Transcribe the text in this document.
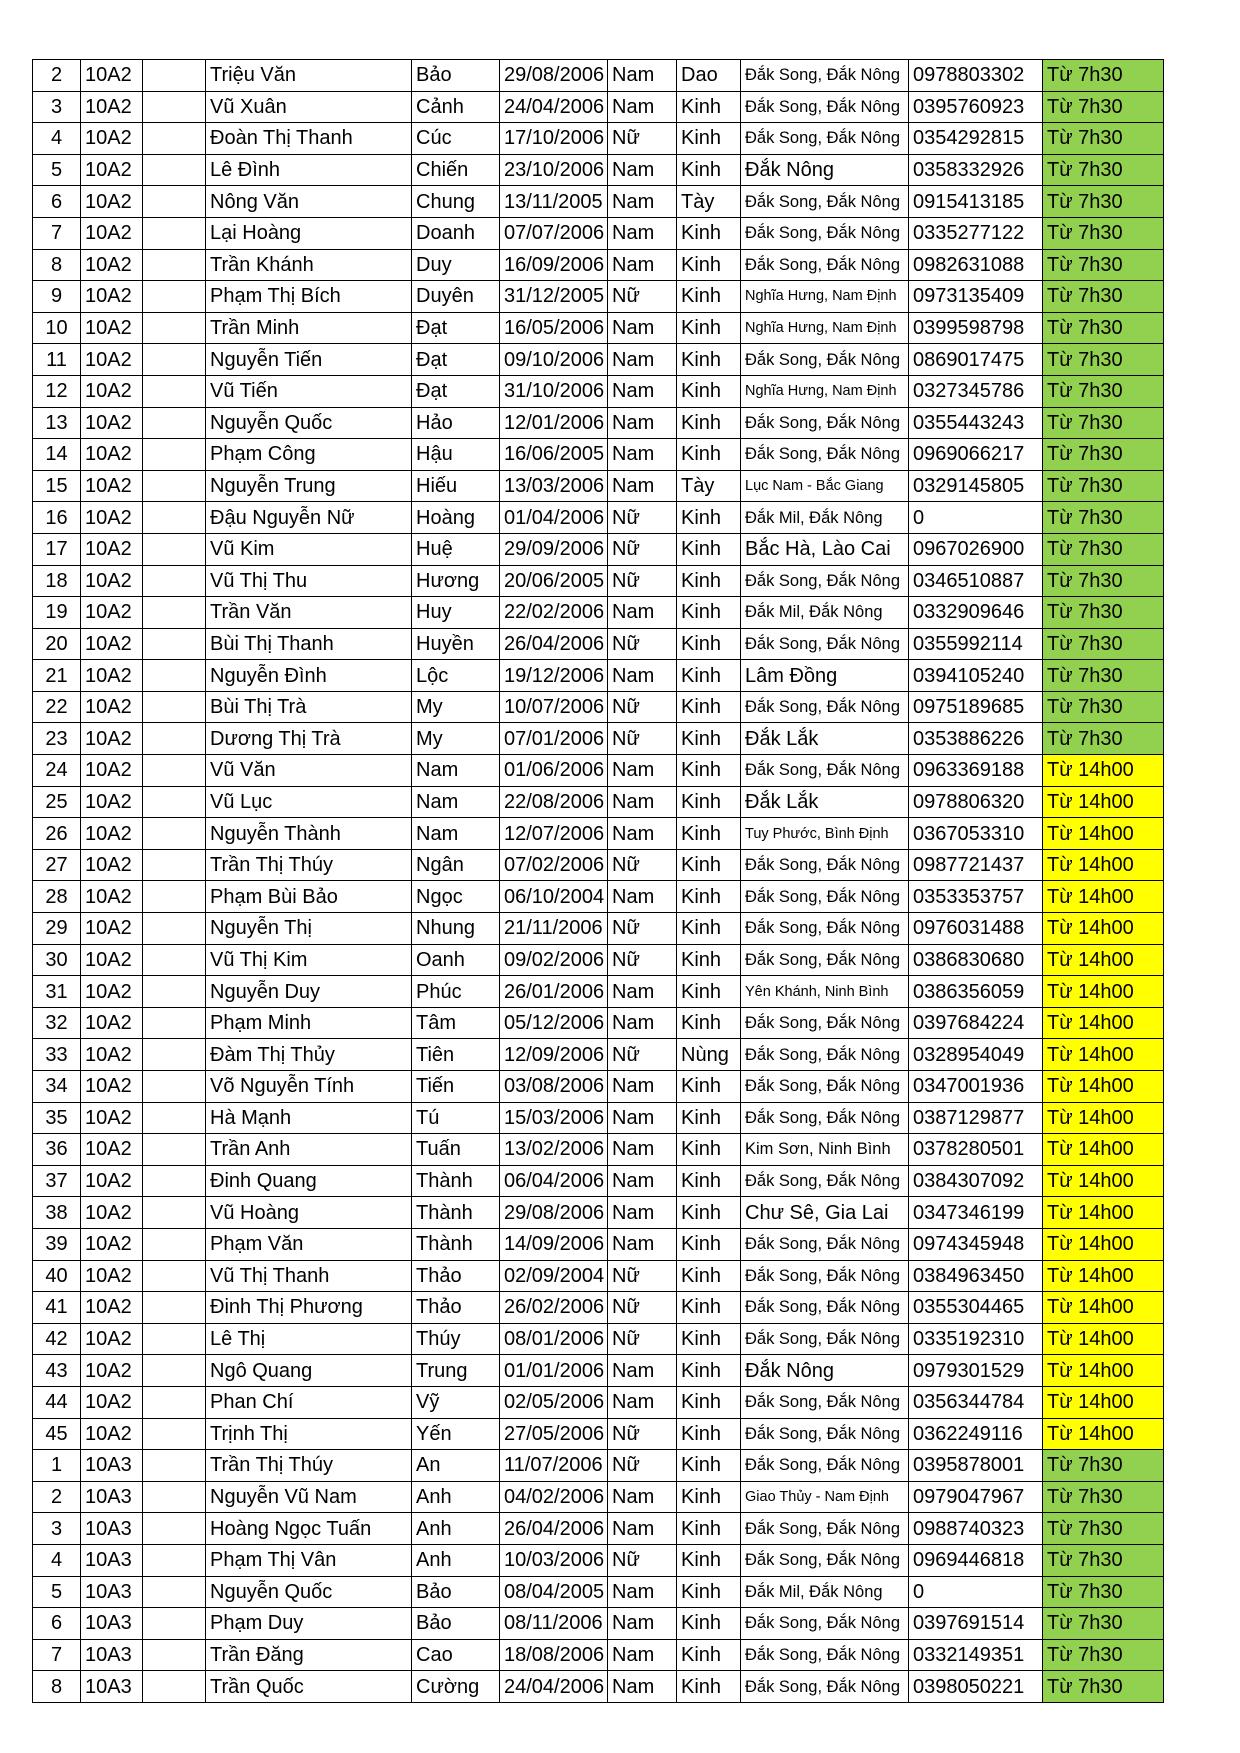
2	10A2		Triệu Văn	Bảo	29/08/2006	Nam	Dao	Đắk Song, Đắk Nông	0978803302	Từ 7h30
3	10A2		Vũ Xuân	Cảnh	24/04/2006	Nam	Kinh	Đắk Song, Đắk Nông	0395760923	Từ 7h30
4	10A2		Đoàn Thị Thanh	Cúc	17/10/2006	Nữ	Kinh	Đắk Song, Đắk Nông	0354292815	Từ 7h30
5	10A2		Lê Đình	Chiến	23/10/2006	Nam	Kinh	Đắk Nông	0358332926	Từ 7h30
6	10A2		Nông Văn	Chung	13/11/2005	Nam	Tày	Đắk Song, Đắk Nông	0915413185	Từ 7h30
7	10A2		Lại Hoàng	Doanh	07/07/2006	Nam	Kinh	Đắk Song, Đắk Nông	0335277122	Từ 7h30
8	10A2		Trần Khánh	Duy	16/09/2006	Nam	Kinh	Đắk Song, Đắk Nông	0982631088	Từ 7h30
9	10A2		Phạm Thị Bích	Duyên	31/12/2005	Nữ	Kinh	Nghĩa Hưng, Nam Định	0973135409	Từ 7h30
10	10A2		Trần Minh	Đạt	16/05/2006	Nam	Kinh	Nghĩa Hưng, Nam Định	0399598798	Từ 7h30
11	10A2		Nguyễn Tiến	Đạt	09/10/2006	Nam	Kinh	Đắk Song, Đắk Nông	0869017475	Từ 7h30
12	10A2		Vũ Tiến	Đạt	31/10/2006	Nam	Kinh	Nghĩa Hưng, Nam Định	0327345786	Từ 7h30
13	10A2		Nguyễn Quốc	Hảo	12/01/2006	Nam	Kinh	Đắk Song, Đắk Nông	0355443243	Từ 7h30
14	10A2		Phạm Công	Hậu	16/06/2005	Nam	Kinh	Đắk Song, Đắk Nông	0969066217	Từ 7h30
15	10A2		Nguyễn Trung	Hiếu	13/03/2006	Nam	Tày	Lục Nam - Bắc Giang	0329145805	Từ 7h30
16	10A2		Đậu Nguyễn Nữ	Hoàng	01/04/2006	Nữ	Kinh	Đắk Mil, Đắk Nông	0	Từ 7h30
17	10A2		Vũ Kim	Huệ	29/09/2006	Nữ	Kinh	Bắc Hà, Lào Cai	0967026900	Từ 7h30
18	10A2		Vũ Thị Thu	Hương	20/06/2005	Nữ	Kinh	Đắk Song, Đắk Nông	0346510887	Từ 7h30
19	10A2		Trần Văn	Huy	22/02/2006	Nam	Kinh	Đắk Mil, Đắk Nông	0332909646	Từ 7h30
20	10A2		Bùi Thị Thanh	Huyền	26/04/2006	Nữ	Kinh	Đắk Song, Đắk Nông	0355992114	Từ 7h30
21	10A2		Nguyễn Đình	Lộc	19/12/2006	Nam	Kinh	Lâm Đồng	0394105240	Từ 7h30
22	10A2		Bùi Thị Trà	My	10/07/2006	Nữ	Kinh	Đắk Song, Đắk Nông	0975189685	Từ 7h30
23	10A2		Dương Thị Trà	My	07/01/2006	Nữ	Kinh	Đắk Lắk	0353886226	Từ 7h30
24	10A2		Vũ Văn	Nam	01/06/2006	Nam	Kinh	Đắk Song, Đắk Nông	0963369188	Từ 14h00
25	10A2		Vũ Lục	Nam	22/08/2006	Nam	Kinh	Đắk Lắk	0978806320	Từ 14h00
26	10A2		Nguyễn Thành	Nam	12/07/2006	Nam	Kinh	Tuy Phước, Bình Định	0367053310	Từ 14h00
27	10A2		Trần Thị Thúy	Ngân	07/02/2006	Nữ	Kinh	Đắk Song, Đắk Nông	0987721437	Từ 14h00
28	10A2		Phạm Bùi Bảo	Ngọc	06/10/2004	Nam	Kinh	Đắk Song, Đắk Nông	0353353757	Từ 14h00
29	10A2		Nguyễn Thị	Nhung	21/11/2006	Nữ	Kinh	Đắk Song, Đắk Nông	0976031488	Từ 14h00
30	10A2		Vũ Thị Kim	Oanh	09/02/2006	Nữ	Kinh	Đắk Song, Đắk Nông	0386830680	Từ 14h00
31	10A2		Nguyễn Duy	Phúc	26/01/2006	Nam	Kinh	Yên Khánh, Ninh Bình	0386356059	Từ 14h00
32	10A2		Phạm Minh	Tâm	05/12/2006	Nam	Kinh	Đắk Song, Đắk Nông	0397684224	Từ 14h00
33	10A2		Đàm Thị Thủy	Tiên	12/09/2006	Nữ	Nùng	Đắk Song, Đắk Nông	0328954049	Từ 14h00
34	10A2		Võ Nguyễn Tính	Tiến	03/08/2006	Nam	Kinh	Đắk Song, Đắk Nông	0347001936	Từ 14h00
35	10A2		Hà Mạnh	Tú	15/03/2006	Nam	Kinh	Đắk Song, Đắk Nông	0387129877	Từ 14h00
36	10A2		Trần Anh	Tuấn	13/02/2006	Nam	Kinh	Kim Sơn, Ninh Bình	0378280501	Từ 14h00
37	10A2		Đinh Quang	Thành	06/04/2006	Nam	Kinh	Đắk Song, Đắk Nông	0384307092	Từ 14h00
38	10A2		Vũ Hoàng	Thành	29/08/2006	Nam	Kinh	Chư Sê, Gia Lai	0347346199	Từ 14h00
39	10A2		Phạm Văn	Thành	14/09/2006	Nam	Kinh	Đắk Song, Đắk Nông	0974345948	Từ 14h00
40	10A2		Vũ Thị Thanh	Thảo	02/09/2004	Nữ	Kinh	Đắk Song, Đắk Nông	0384963450	Từ 14h00
41	10A2		Đinh Thị Phương	Thảo	26/02/2006	Nữ	Kinh	Đắk Song, Đắk Nông	0355304465	Từ 14h00
42	10A2		Lê Thị	Thúy	08/01/2006	Nữ	Kinh	Đắk Song, Đắk Nông	0335192310	Từ 14h00
43	10A2		Ngô Quang	Trung	01/01/2006	Nam	Kinh	Đắk Nông	0979301529	Từ 14h00
44	10A2		Phan Chí	Vỹ	02/05/2006	Nam	Kinh	Đắk Song, Đắk Nông	0356344784	Từ 14h00
45	10A2		Trịnh Thị	Yến	27/05/2006	Nữ	Kinh	Đắk Song, Đắk Nông	0362249116	Từ 14h00
1	10A3		Trần Thị Thúy	An	11/07/2006	Nữ	Kinh	Đắk Song, Đắk Nông	0395878001	Từ 7h30
2	10A3		Nguyễn Vũ Nam	Anh	04/02/2006	Nam	Kinh	Giao Thủy - Nam Định	0979047967	Từ 7h30
3	10A3		Hoàng Ngọc Tuấn	Anh	26/04/2006	Nam	Kinh	Đắk Song, Đắk Nông	0988740323	Từ 7h30
4	10A3		Phạm Thị Vân	Anh	10/03/2006	Nữ	Kinh	Đắk Song, Đắk Nông	0969446818	Từ 7h30
5	10A3		Nguyễn Quốc	Bảo	08/04/2005	Nam	Kinh	Đắk Mil, Đắk Nông	0	Từ 7h30
6	10A3		Phạm Duy	Bảo	08/11/2006	Nam	Kinh	Đắk Song, Đắk Nông	0397691514	Từ 7h30
7	10A3		Trần Đăng	Cao	18/08/2006	Nam	Kinh	Đắk Song, Đắk Nông	0332149351	Từ 7h30
8	10A3		Trần Quốc	Cường	24/04/2006	Nam	Kinh	Đắk Song, Đắk Nông	0398050221	Từ 7h30
